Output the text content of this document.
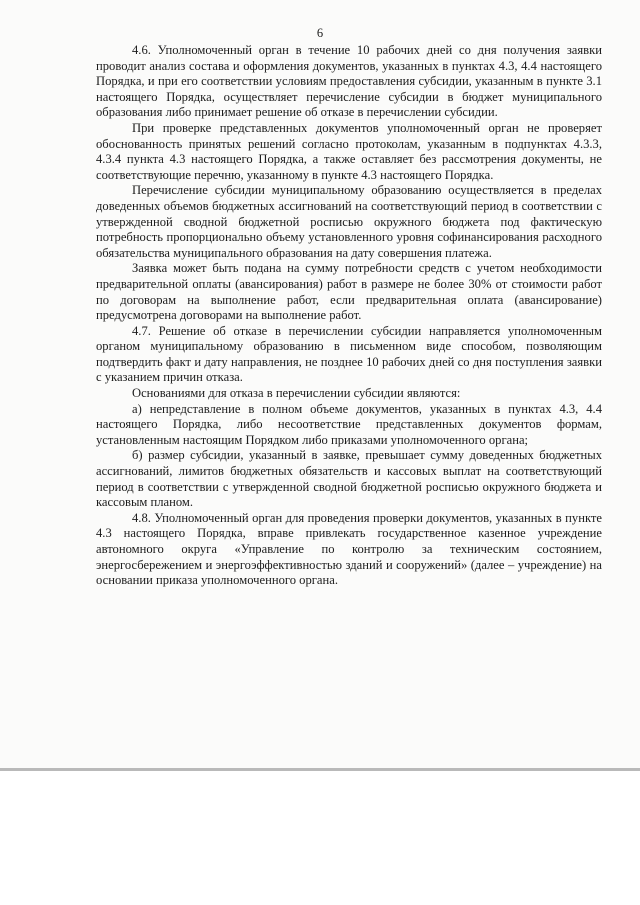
6

4.6. Уполномоченный орган в течение 10 рабочих дней со дня получения заявки проводит анализ состава и оформления документов, указанных в пунктах 4.3, 4.4 настоящего Порядка, и при его соответствии условиям предоставления субсидии, указанным в пункте 3.1 настоящего Порядка, осуществляет перечисление субсидии в бюджет муниципального образования либо принимает решение об отказе в перечислении субсидии.

При проверке представленных документов уполномоченный орган не проверяет обоснованность принятых решений согласно протоколам, указанным в подпунктах 4.3.3, 4.3.4 пункта 4.3 настоящего Порядка, а также оставляет без рассмотрения документы, не соответствующие перечню, указанному в пункте 4.3 настоящего Порядка.

Перечисление субсидии муниципальному образованию осуществляется в пределах доведенных объемов бюджетных ассигнований на соответствующий период в соответствии с утвержденной сводной бюджетной росписью окружного бюджета под фактическую потребность пропорционально объему установленного уровня софинансирования расходного обязательства муниципального образования на дату совершения платежа.

Заявка может быть подана на сумму потребности средств с учетом необходимости предварительной оплаты (авансирования) работ в размере не более 30% от стоимости работ по договорам на выполнение работ, если предварительная оплата (авансирование) предусмотрена договорами на выполнение работ.

4.7. Решение об отказе в перечислении субсидии направляется уполномоченным органом муниципальному образованию в письменном виде способом, позволяющим подтвердить факт и дату направления, не позднее 10 рабочих дней со дня поступления заявки с указанием причин отказа.

Основаниями для отказа в перечислении субсидии являются:

а) непредставление в полном объеме документов, указанных в пунктах 4.3, 4.4 настоящего Порядка, либо несоответствие представленных документов формам, установленным настоящим Порядком либо приказами уполномоченного органа;

б) размер субсидии, указанный в заявке, превышает сумму доведенных бюджетных ассигнований, лимитов бюджетных обязательств и кассовых выплат на соответствующий период в соответствии с утвержденной сводной бюджетной росписью окружного бюджета и кассовым планом.

4.8. Уполномоченный орган для проведения проверки документов, указанных в пункте 4.3 настоящего Порядка, вправе привлекать государственное казенное учреждение автономного округа «Управление по контролю за техническим состоянием, энергосбережением и энергоэффективностью зданий и сооружений» (далее – учреждение) на основании приказа уполномоченного органа.
